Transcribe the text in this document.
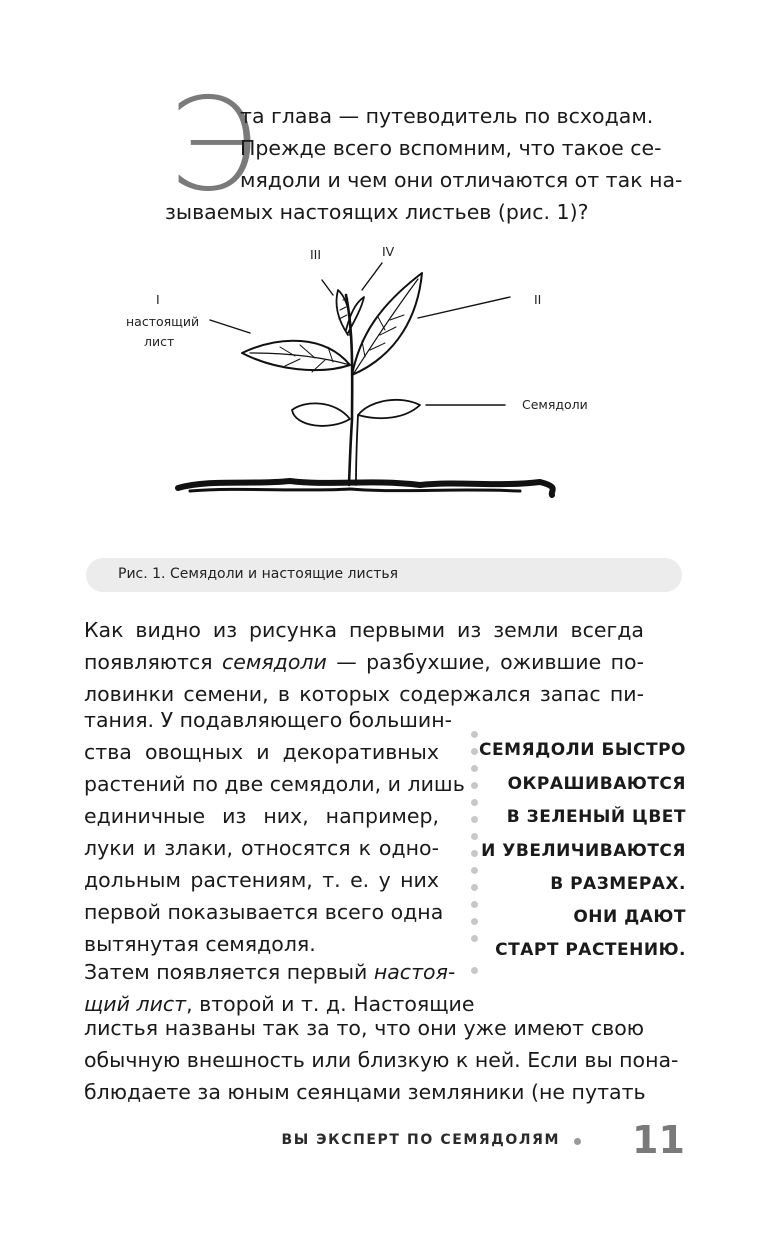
Э
та глава — путеводитель по всходам.
Прежде всего вспомним, что такое се-
мядоли и чем они отличаются от так на-
зываемых настоящих листьев (рис. 1)?
III	IV
I
настоящий
лист
II
Семядоли
Рис. 1. Семядоли и настоящие листья
Как видно из рисунка первыми из земли всегда
появляются семядоли — разбухшие, ожившие по-
ловинки семени, в которых содержался запас пи-
тания. У подавляющего большин-
ства овощных и декоративных
растений по две семядоли, и лишь
единичные из них, например,
луки и злаки, относятся к одно-
дольным растениям, т. е. у них
первой показывается всего одна
вытянутая семядоля.
Затем появляется первый настоя-
щий лист, второй и т. д. Настоящие
листья названы так за то, что они уже имеют свою
обычную внешность или близкую к ней. Если вы пона-
блюдаете за юным сеянцами земляники (не путать
СЕМЯДОЛИ БЫСТРО
ОКРАШИВАЮТСЯ
В ЗЕЛЕНЫЙ ЦВЕТ
И УВЕЛИЧИВАЮТСЯ
В РАЗМЕРАХ.
ОНИ ДАЮТ
СТАРТ РАСТЕНИЮ.
ВЫ ЭКСПЕРТ ПО СЕМЯДОЛЯМ 11
